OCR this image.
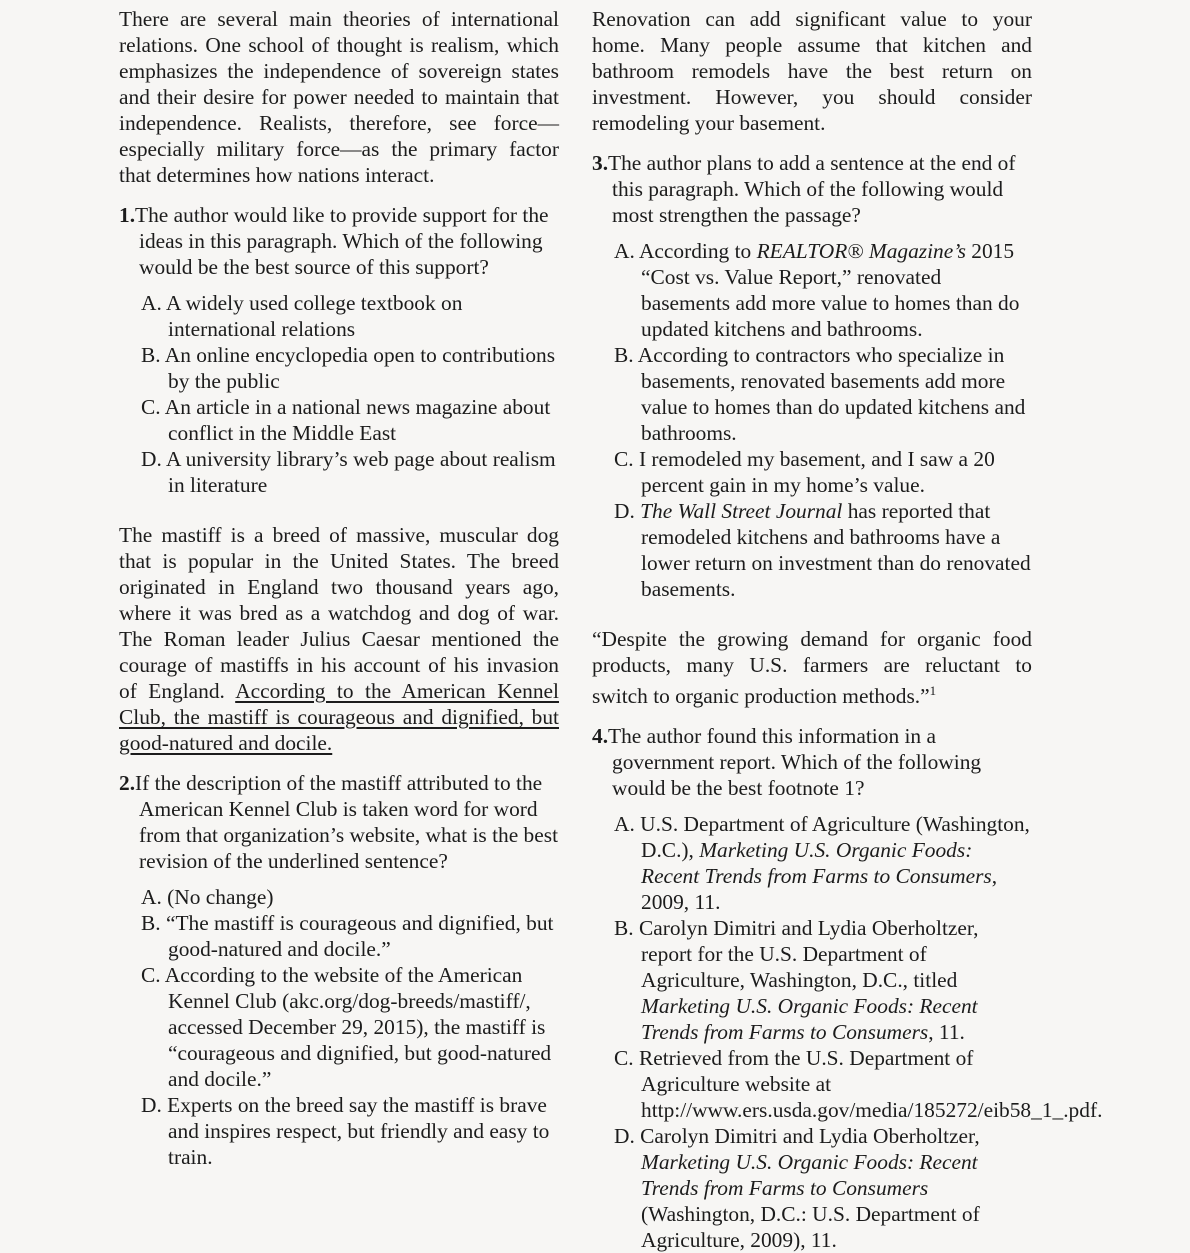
There are several main theories of international relations. One school of thought is realism, which emphasizes the independence of sovereign states and their desire for power needed to maintain that independence. Realists, therefore, see force—especially military force—as the primary factor that determines how nations interact.

1.The author would like to provide support for the ideas in this paragraph. Which of the following would be the best source of this support?

A. A widely used college textbook on international relations

B. An online encyclopedia open to contributions by the public

C. An article in a national news magazine about conflict in the Middle East

D. A university library’s web page about realism in literature

The mastiff is a breed of massive, muscular dog that is popular in the United States. The breed originated in England two thousand years ago, where it was bred as a watchdog and dog of war. The Roman leader Julius Caesar mentioned the courage of mastiffs in his account of his invasion of England. According to the American Kennel Club, the mastiff is courageous and dignified, but good-natured and docile.

2.If the description of the mastiff attributed to the American Kennel Club is taken word for word from that organization’s website, what is the best revision of the underlined sentence?

A. (No change)

B. “The mastiff is courageous and dignified, but good-natured and docile.”

C. According to the website of the American Kennel Club (akc.org/dog-breeds/mastiff/, accessed December 29, 2015), the mastiff is “courageous and dignified, but good-natured and docile.”

D. Experts on the breed say the mastiff is brave and inspires respect, but friendly and easy to train.

Renovation can add significant value to your home. Many people assume that kitchen and bathroom remodels have the best return on investment. However, you should consider remodeling your basement.

3.The author plans to add a sentence at the end of this paragraph. Which of the following would most strengthen the passage?

A. According to REALTOR® Magazine’s 2015 “Cost vs. Value Report,” renovated basements add more value to homes than do updated kitchens and bathrooms.

B. According to contractors who specialize in basements, renovated basements add more value to homes than do updated kitchens and bathrooms.

C. I remodeled my basement, and I saw a 20 percent gain in my home’s value.

D. The Wall Street Journal has reported that remodeled kitchens and bathrooms have a lower return on investment than do renovated basements.

“Despite the growing demand for organic food products, many U.S. farmers are reluctant to switch to organic production methods.”$^1$

4.The author found this information in a government report. Which of the following would be the best footnote 1?

A. U.S. Department of Agriculture (Washington, D.C.), Marketing U.S. Organic Foods: Recent Trends from Farms to Consumers, 2009, 11.

B. Carolyn Dimitri and Lydia Oberholtzer, report for the U.S. Department of Agriculture, Washington, D.C., titled Marketing U.S. Organic Foods: Recent Trends from Farms to Consumers, 11.

C. Retrieved from the U.S. Department of Agriculture website at http://www.ers.usda.gov/media/185272/eib58_1_.pdf.

D. Carolyn Dimitri and Lydia Oberholtzer, Marketing U.S. Organic Foods: Recent Trends from Farms to Consumers (Washington, D.C.: U.S. Department of Agriculture, 2009), 11.
